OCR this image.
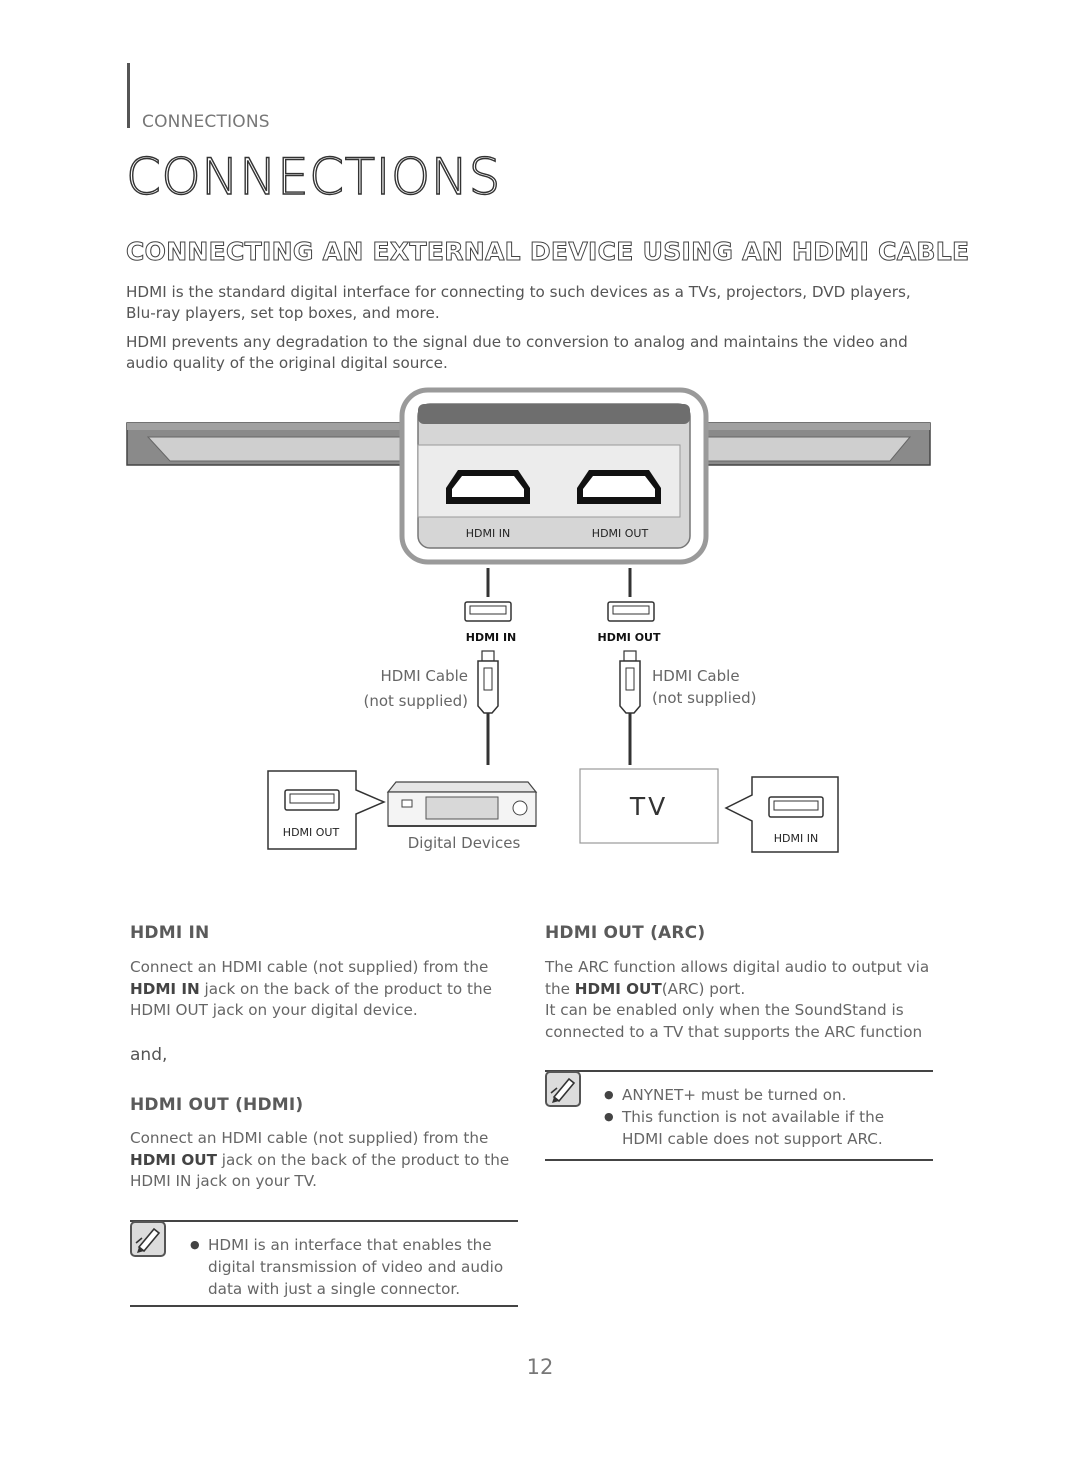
CONNECTIONS
CONNECTIONS
CONNECTING AN EXTERNAL DEVICE USING AN HDMI CABLE
HDMI is the standard digital interface for connecting to such devices as a TVs, projectors, DVD players, Blu-ray players, set top boxes, and more.
HDMI prevents any degradation to the signal due to conversion to analog and maintains the video and audio quality of the original digital source.
HDMI IN	HDMI OUT
HDMI IN	HDMI OUT
HDMI Cable
(not supplied)
HDMI Cable
(not supplied)
HDMI OUT
Digital Devices
TV
HDMI IN
HDMI IN
Connect an HDMI cable (not supplied) from the
HDMI IN jack on the back of the product to the
HDMI OUT jack on your digital device.
and,
HDMI OUT (HDMI)
Connect an HDMI cable (not supplied) from the
HDMI OUT jack on the back of the product to the
HDMI IN jack on your TV.
● HDMI is an interface that enables the digital transmission of video and audio data with just a single connector.
HDMI OUT (ARC)
The ARC function allows digital audio to output via
the HDMI OUT(ARC) port.
It can be enabled only when the SoundStand is
connected to a TV that supports the ARC function
● ANYNET+ must be turned on.
● This function is not available if the HDMI cable does not support ARC.
12
